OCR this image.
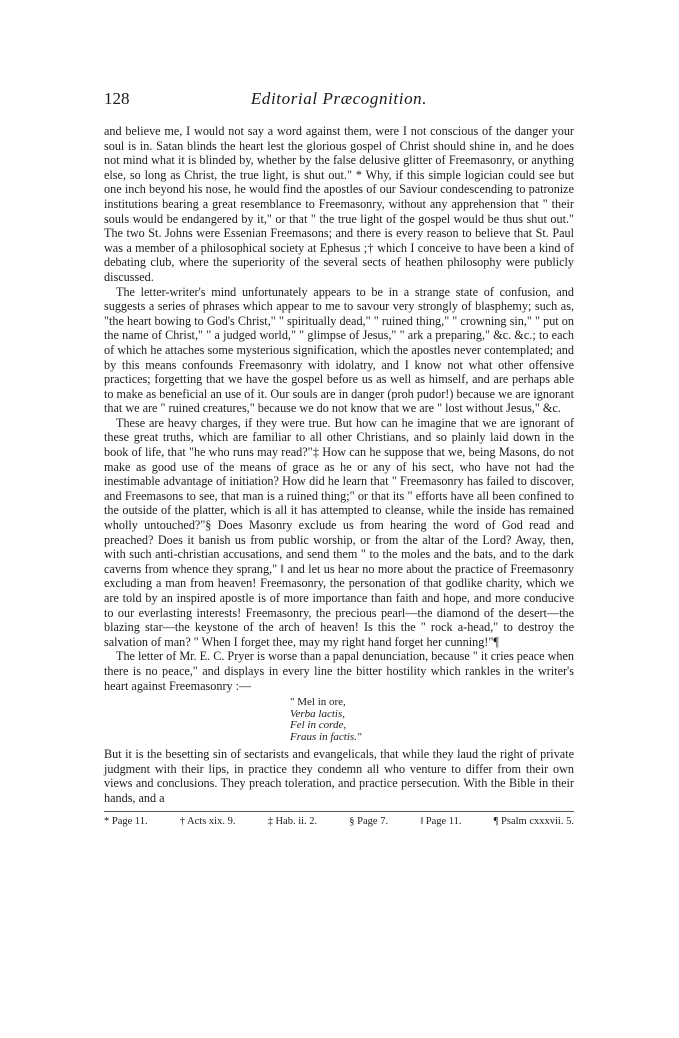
128	Editorial Præcognition.

and believe me, I would not say a word against them, were I not conscious of the danger your soul is in. Satan blinds the heart lest the glorious gospel of Christ should shine in, and he does not mind what it is blinded by, whether by the false delusive glitter of Freemasonry, or anything else, so long as Christ, the true light, is shut out." * Why, if this simple logician could see but one inch beyond his nose, he would find the apostles of our Saviour condescending to patronize institutions bearing a great resemblance to Freemasonry, without any apprehension that " their souls would be endangered by it," or that " the true light of the gospel would be thus shut out." The two St. Johns were Essenian Freemasons; and there is every reason to believe that St. Paul was a member of a philosophical society at Ephesus ;† which I conceive to have been a kind of debating club, where the superiority of the several sects of heathen philosophy were publicly discussed.

The letter-writer's mind unfortunately appears to be in a strange state of confusion, and suggests a series of phrases which appear to me to savour very strongly of blasphemy; such as, "the heart bowing to God's Christ," " spiritually dead," " ruined thing," " crowning sin," " put on the name of Christ," " a judged world," " glimpse of Jesus," " ark a preparing," &c. &c.; to each of which he attaches some mysterious signification, which the apostles never contemplated; and by this means confounds Freemasonry with idolatry, and I know not what other offensive practices; forgetting that we have the gospel before us as well as himself, and are perhaps able to make as beneficial an use of it. Our souls are in danger (proh pudor!) because we are ignorant that we are " ruined creatures," because we do not know that we are " lost without Jesus," &c.

These are heavy charges, if they were true. But how can he imagine that we are ignorant of these great truths, which are familiar to all other Christians, and so plainly laid down in the book of life, that "he who runs may read?"‡ How can he suppose that we, being Masons, do not make as good use of the means of grace as he or any of his sect, who have not had the inestimable advantage of initiation? How did he learn that " Freemasonry has failed to discover, and Freemasons to see, that man is a ruined thing;" or that its " efforts have all been confined to the outside of the platter, which is all it has attempted to cleanse, while the inside has remained wholly untouched?"§ Does Masonry exclude us from hearing the word of God read and preached? Does it banish us from public worship, or from the altar of the Lord? Away, then, with such anti-christian accusations, and send them " to the moles and the bats, and to the dark caverns from whence they sprang," ‖ and let us hear no more about the practice of Freemasonry excluding a man from heaven! Freemasonry, the personation of that godlike charity, which we are told by an inspired apostle is of more importance than faith and hope, and more conducive to our everlasting interests! Freemasonry, the precious pearl—the diamond of the desert—the blazing star—the keystone of the arch of heaven! Is this the " rock a-head," to destroy the salvation of man? " When I forget thee, may my right hand forget her cunning!"¶

The letter of Mr. E. C. Pryer is worse than a papal denunciation, because " it cries peace when there is no peace," and displays in every line the bitter hostility which rankles in the writer's heart against Freemasonry :—

" Mel in ore,
Verba lactis,
Fel in corde,
Fraus in factis."

But it is the besetting sin of sectarists and evangelicals, that while they laud the right of private judgment with their lips, in practice they condemn all who venture to differ from their own views and conclusions. They preach toleration, and practice persecution. With the Bible in their hands, and a

* Page 11.	† Acts xix. 9.	‡ Hab. ii. 2.	§ Page 7.	‖ Page 11.	¶ Psalm cxxxvii. 5.
